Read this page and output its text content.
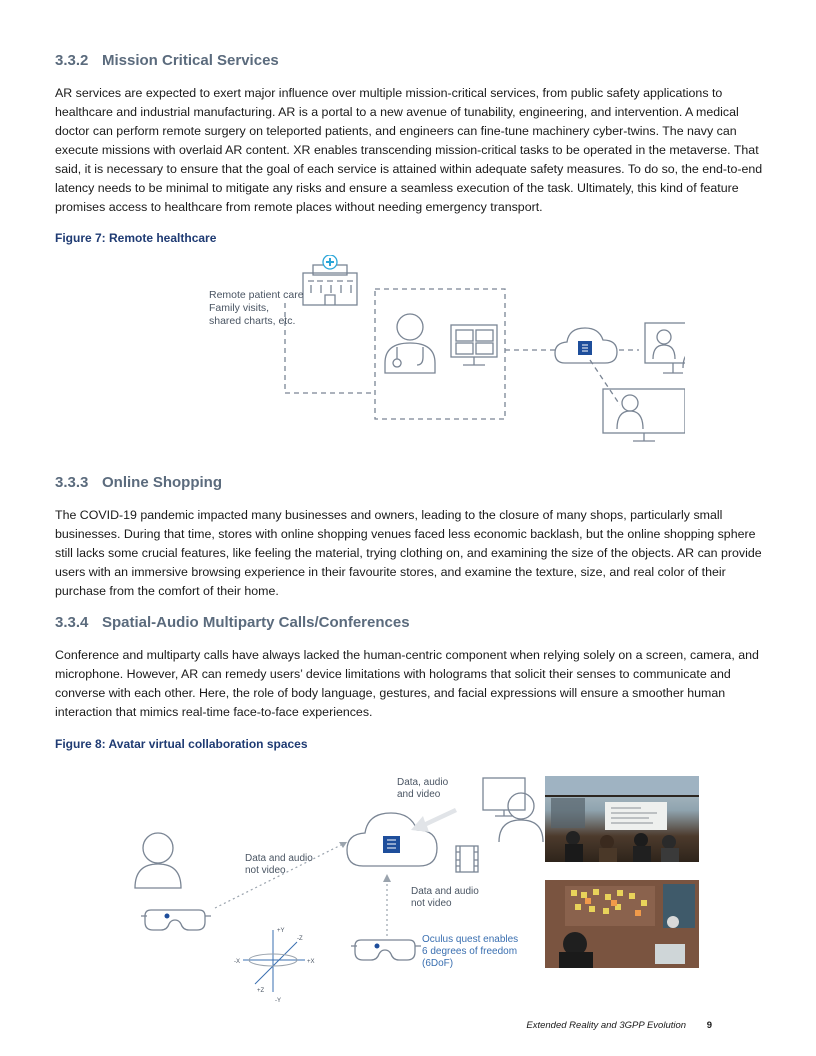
3.3.2 Mission Critical Services

AR services are expected to exert major influence over multiple mission-critical services, from public safety applications to healthcare and industrial manufacturing. AR is a portal to a new avenue of tunability, engineering, and intervention. A medical doctor can perform remote surgery on teleported patients, and engineers can fine-tune machinery cyber-twins. The navy can execute missions with overlaid AR content. XR enables transcending mission-critical tasks to be operated in the metaverse. That said, it is necessary to ensure that the goal of each service is attained within adequate safety measures. To do so, the end-to-end latency needs to be minimal to mitigate any risks and ensure a seamless execution of the task. Ultimately, this kind of feature promises access to healthcare from remote places without needing emergency transport.

Figure 7: Remote healthcare
Remote patient care
Family visits,
shared charts, etc.
3.3.3 Online Shopping

The COVID-19 pandemic impacted many businesses and owners, leading to the closure of many shops, particularly small businesses. During that time, stores with online shopping venues faced less economic backlash, but the online shopping sphere still lacks some crucial features, like feeling the material, trying clothing on, and examining the size of the objects. AR can provide users with an immersive browsing experience in their favourite stores, and examine the texture, size, and real color of their purchase from the comfort of their home.

3.3.4 Spatial-Audio Multiparty Calls/Conferences

Conference and multiparty calls have always lacked the human-centric component when relying solely on a screen, camera, and microphone. However, AR can remedy users’ device limitations with holograms that solicit their senses to communicate and converse with each other. Here, the role of body language, gestures, and facial expressions will ensure a smoother human interaction that mimics real-time face-to-face experiences.

Figure 8: Avatar virtual collaboration spaces
Data, audio
and video
Data and audio
not video
Data and audio
not video
Oculus quest enables
6 degrees of freedom
(6DoF)
+Y
-Y
+X
-X
+Z
-Z
Extended Reality and 3GPP Evolution 9
